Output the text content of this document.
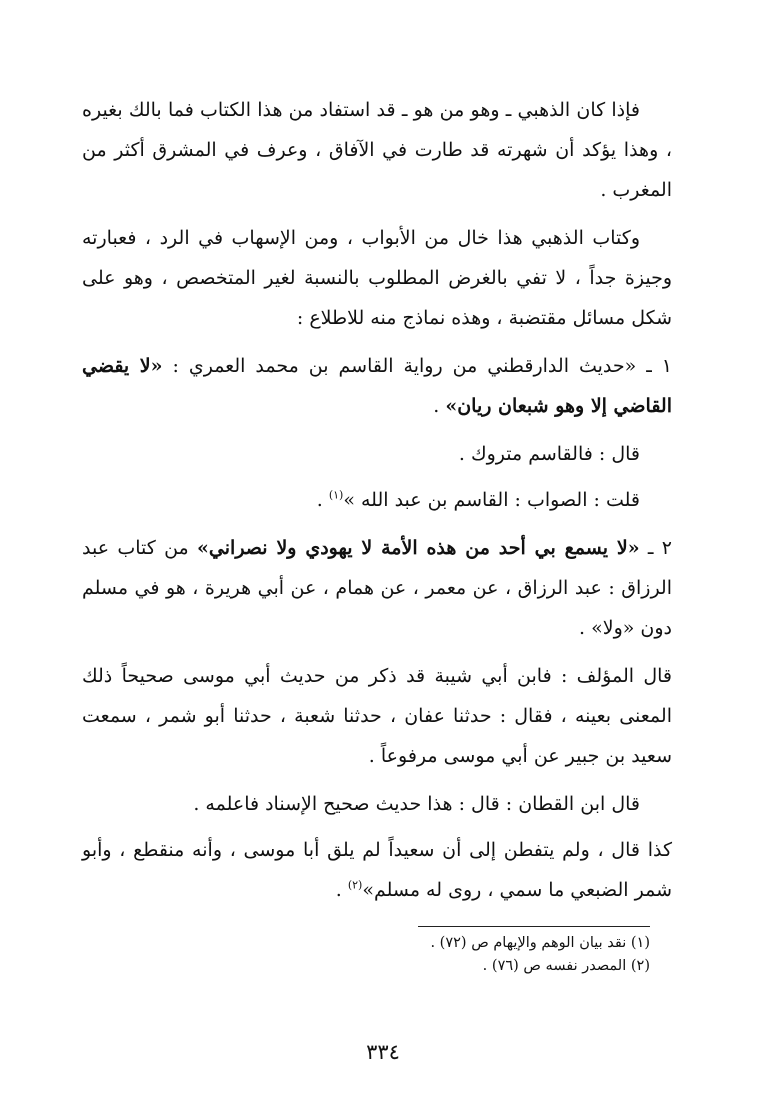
فإذا كان الذهبي ـ وهو من هو ـ قد استفاد من هذا الكتاب فما بالك بغيره ، وهذا يؤكد أن شهرته قد طارت في الآفاق ، وعرف في المشرق أكثر من المغرب .

وكتاب الذهبي هذا خال من الأبواب ، ومن الإسهاب في الرد ، فعبارته وجيزة جداً ، لا تفي بالغرض المطلوب بالنسبة لغير المتخصص ، وهو على شكل مسائل مقتضبة ، وهذه نماذج منه للاطلاع :

١ ـ «حديث الدارقطني من رواية القاسم بن محمد العمري : «لا يقضي القاضي إلا وهو شبعان ريان» .

قال : فالقاسم متروك .

قلت : الصواب : القاسم بن عبد الله »$^{(١)}$ .

٢ ـ «لا يسمع بي أحد من هذه الأمة لا يهودي ولا نصراني» من كتاب عبد الرزاق : عبد الرزاق ، عن معمر ، عن همام ، عن أبي هريرة ، هو في مسلم دون «ولا» .

قال المؤلف : فابن أبي شيبة قد ذكر من حديث أبي موسى صحيحاً ذلك المعنى بعينه ، فقال : حدثنا عفان ، حدثنا شعبة ، حدثنا أبو شمر ، سمعت سعيد بن جبير عن أبي موسى مرفوعاً .

قال ابن القطان : قال : هذا حديث صحيح الإسناد فاعلمه .

كذا قال ، ولم يتفطن إلى أن سعيداً لم يلق أبا موسى ، وأنه منقطع ، وأبو شمر الضبعي ما سمي ، روى له مسلم»$^{(٢)}$ .

(١) نقد بيان الوهم والإيهام ص (٧٢) .
(٢) المصدر نفسه ص (٧٦) .
٣٣٤
